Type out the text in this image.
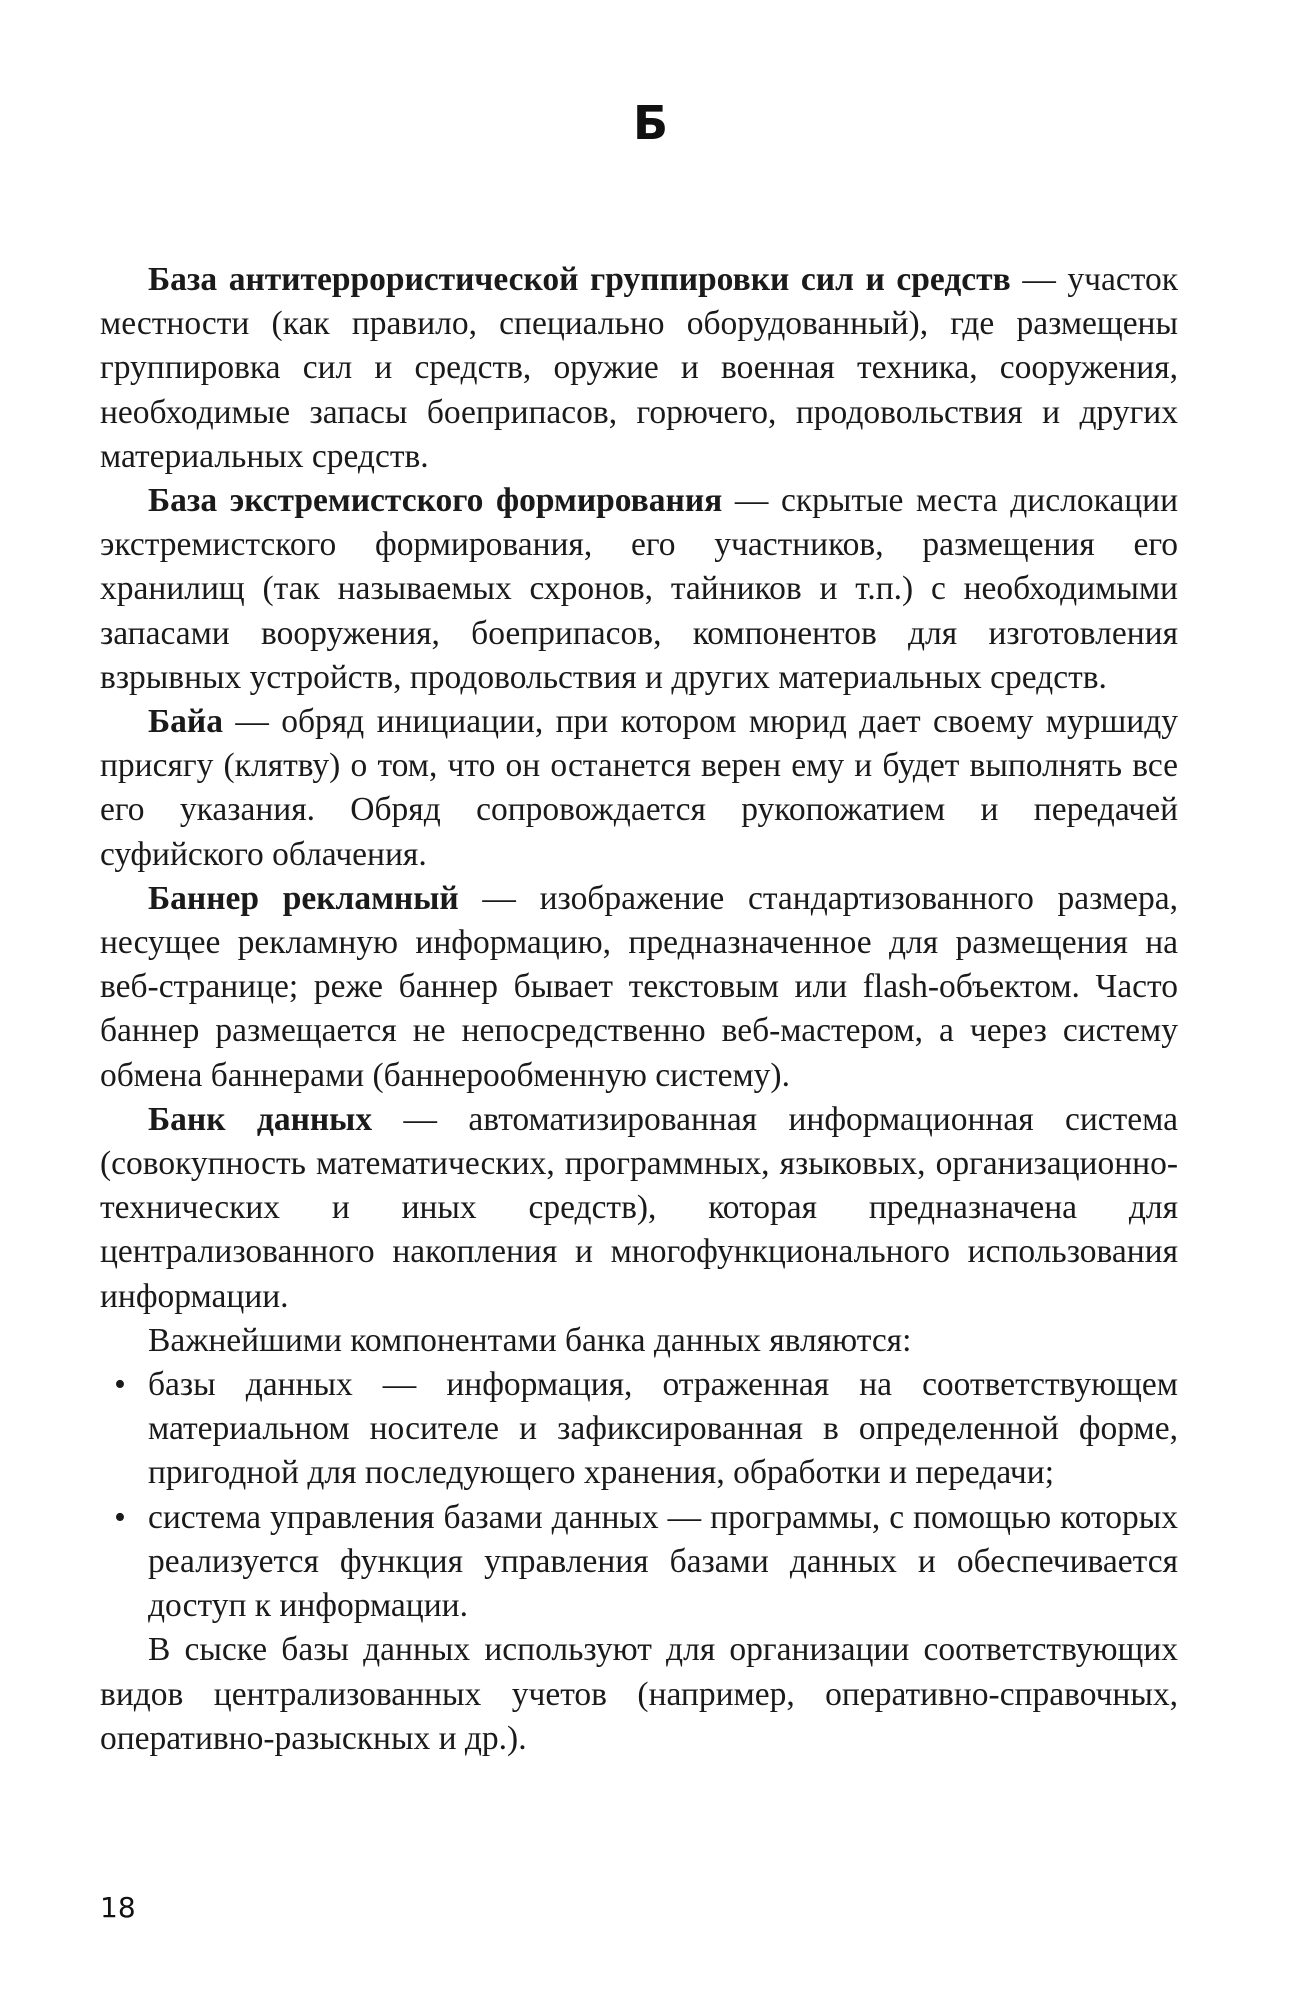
Б

База антитеррористической группировки сил и средств — участок местности (как правило, специально оборудованный), где размещены группировка сил и средств, оружие и военная техника, сооружения, необходимые запасы боеприпасов, горючего, продовольствия и других материальных средств.

База экстремистского формирования — скрытые места дислокации экстремистского формирования, его участников, размещения его хранилищ (так называемых схронов, тайников и т.п.) с необходимыми запасами вооружения, боеприпасов, компонентов для изготовления взрывных устройств, продовольствия и других материальных средств.

Байа — обряд инициации, при котором мюрид дает своему муршиду присягу (клятву) о том, что он останется верен ему и будет выполнять все его указания. Обряд сопровождается рукопожатием и передачей суфийского облачения.

Баннер рекламный — изображение стандартизованного размера, несущее рекламную информацию, предназначенное для размещения на веб-странице; реже баннер бывает текстовым или flash-объектом. Часто баннер размещается не непосредственно веб-мастером, а через систему обмена баннерами (баннерообменную систему).

Банк данных — автоматизированная информационная система (совокупность математических, программных, языковых, организационно-технических и иных средств), которая предназначена для централизованного накопления и многофункционального использования информации.

Важнейшими компонентами банка данных являются:

• базы данных — информация, отраженная на соответствующем материальном носителе и зафиксированная в определенной форме, пригодной для последующего хранения, обработки и передачи;
• система управления базами данных — программы, с помощью которых реализуется функция управления базами данных и обеспечивается доступ к информации.

В сыске базы данных используют для организации соответствующих видов централизованных учетов (например, оперативно-справочных, оперативно-разыскных и др.).

18
